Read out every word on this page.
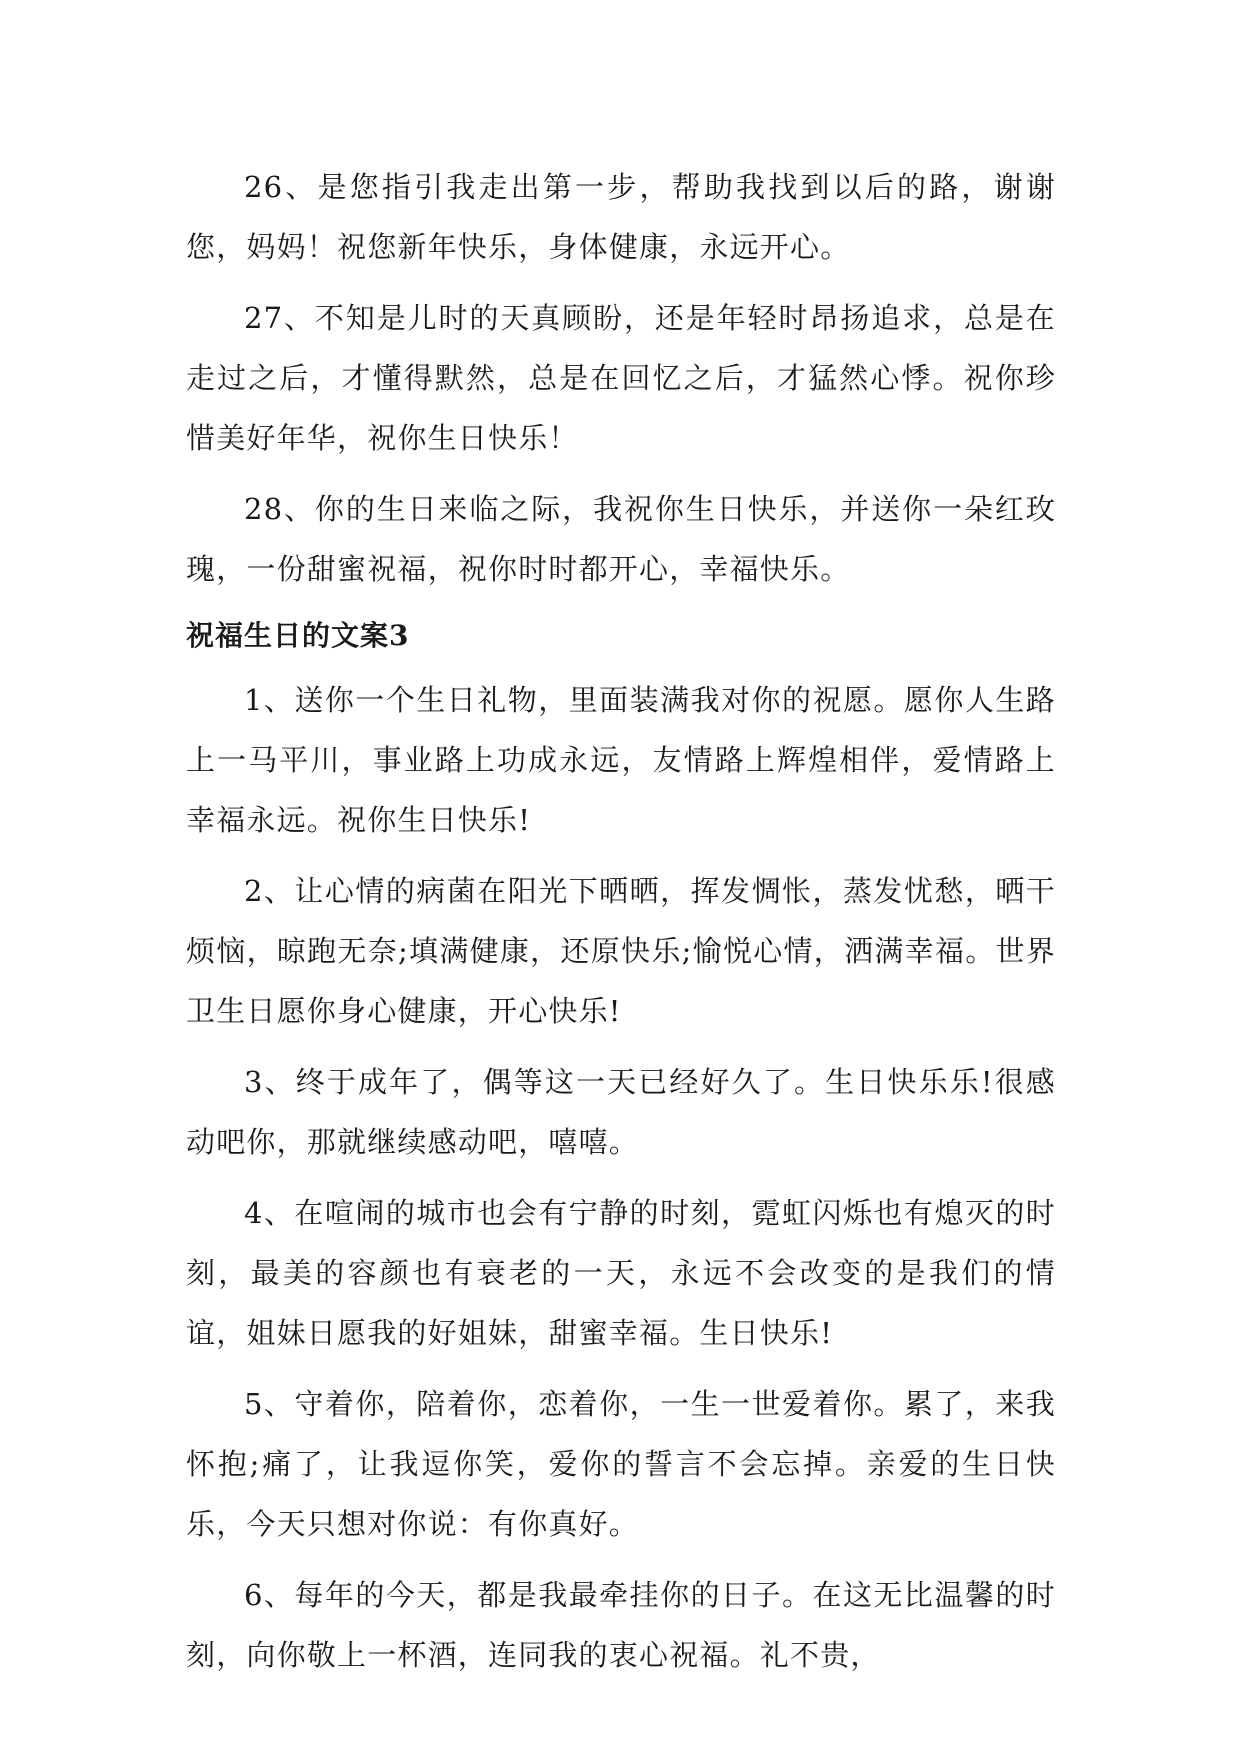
26、是您指引我走出第一步，帮助我找到以后的路，谢谢您，妈妈！祝您新年快乐，身体健康，永远开心。

27、不知是儿时的天真顾盼，还是年轻时昂扬追求，总是在走过之后，才懂得默然，总是在回忆之后，才猛然心悸。祝你珍惜美好年华，祝你生日快乐！

28、你的生日来临之际，我祝你生日快乐，并送你一朵红玫瑰，一份甜蜜祝福，祝你时时都开心，幸福快乐。

祝福生日的文案3

1、送你一个生日礼物，里面装满我对你的祝愿。愿你人生路上一马平川，事业路上功成永远，友情路上辉煌相伴，爱情路上幸福永远。祝你生日快乐!

2、让心情的病菌在阳光下晒晒，挥发惆怅，蒸发忧愁，晒干烦恼，晾跑无奈;填满健康，还原快乐;愉悦心情，洒满幸福。世界卫生日愿你身心健康，开心快乐!

3、终于成年了，偶等这一天已经好久了。生日快乐乐!很感动吧你，那就继续感动吧，嘻嘻。

4、在喧闹的城市也会有宁静的时刻，霓虹闪烁也有熄灭的时刻，最美的容颜也有衰老的一天，永远不会改变的是我们的情谊，姐妹日愿我的好姐妹，甜蜜幸福。生日快乐!

5、守着你，陪着你，恋着你，一生一世爱着你。累了，来我怀抱;痛了，让我逗你笑，爱你的誓言不会忘掉。亲爱的生日快乐，今天只想对你说：有你真好。

6、每年的今天，都是我最牵挂你的日子。在这无比温馨的时刻，向你敬上一杯酒，连同我的衷心祝福。礼不贵，
